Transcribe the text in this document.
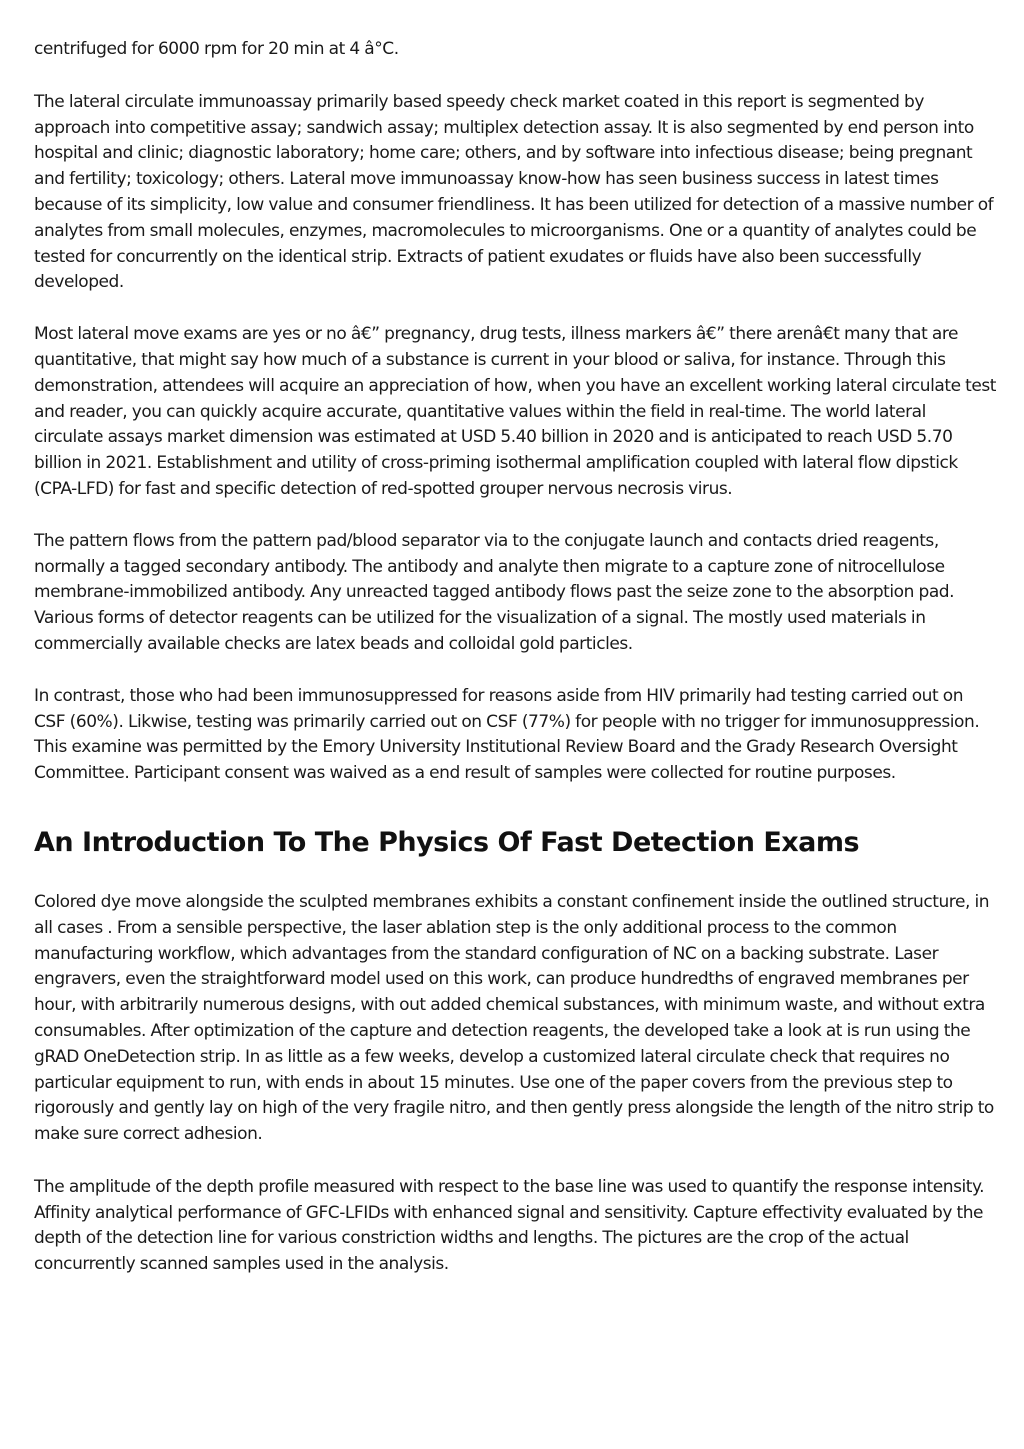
centrifuged for 6000 rpm for 20 min at 4 â°C.

The lateral circulate immunoassay primarily based speedy check market coated in this report is segmented by approach into competitive assay; sandwich assay; multiplex detection assay. It is also segmented by end person into hospital and clinic; diagnostic laboratory; home care; others, and by software into infectious disease; being pregnant and fertility; toxicology; others. Lateral move immunoassay know-how has seen business success in latest times because of its simplicity, low value and consumer friendliness. It has been utilized for detection of a massive number of analytes from small molecules, enzymes, macromolecules to microorganisms. One or a quantity of analytes could be tested for concurrently on the identical strip. Extracts of patient exudates or fluids have also been successfully developed.

Most lateral move exams are yes or no â€” pregnancy, drug tests, illness markers â€” there arenâ€t many that are quantitative, that might say how much of a substance is current in your blood or saliva, for instance. Through this demonstration, attendees will acquire an appreciation of how, when you have an excellent working lateral circulate test and reader, you can quickly acquire accurate, quantitative values within the field in real-time. The world lateral circulate assays market dimension was estimated at USD 5.40 billion in 2020 and is anticipated to reach USD 5.70 billion in 2021. Establishment and utility of cross-priming isothermal amplification coupled with lateral flow dipstick (CPA-LFD) for fast and specific detection of red-spotted grouper nervous necrosis virus.

The pattern flows from the pattern pad/blood separator via to the conjugate launch and contacts dried reagents, normally a tagged secondary antibody. The antibody and analyte then migrate to a capture zone of nitrocellulose membrane-immobilized antibody. Any unreacted tagged antibody flows past the seize zone to the absorption pad. Various forms of detector reagents can be utilized for the visualization of a signal. The mostly used materials in commercially available checks are latex beads and colloidal gold particles.

In contrast, those who had been immunosuppressed for reasons aside from HIV primarily had testing carried out on CSF (60%). Likwise, testing was primarily carried out on CSF (77%) for people with no trigger for immunosuppression. This examine was permitted by the Emory University Institutional Review Board and the Grady Research Oversight Committee. Participant consent was waived as a end result of samples were collected for routine purposes.

An Introduction To The Physics Of Fast Detection Exams

Colored dye move alongside the sculpted membranes exhibits a constant confinement inside the outlined structure, in all cases . From a sensible perspective, the laser ablation step is the only additional process to the common manufacturing workflow, which advantages from the standard configuration of NC on a backing substrate. Laser engravers, even the straightforward model used on this work, can produce hundredths of engraved membranes per hour, with arbitrarily numerous designs, with out added chemical substances, with minimum waste, and without extra consumables. After optimization of the capture and detection reagents, the developed take a look at is run using the gRAD OneDetection strip. In as little as a few weeks, develop a customized lateral circulate check that requires no particular equipment to run, with ends in about 15 minutes. Use one of the paper covers from the previous step to rigorously and gently lay on high of the very fragile nitro, and then gently press alongside the length of the nitro strip to make sure correct adhesion.

The amplitude of the depth profile measured with respect to the base line was used to quantify the response intensity. Affinity analytical performance of GFC-LFIDs with enhanced signal and sensitivity. Capture effectivity evaluated by the depth of the detection line for various constriction widths and lengths. The pictures are the crop of the actual concurrently scanned samples used in the analysis.
